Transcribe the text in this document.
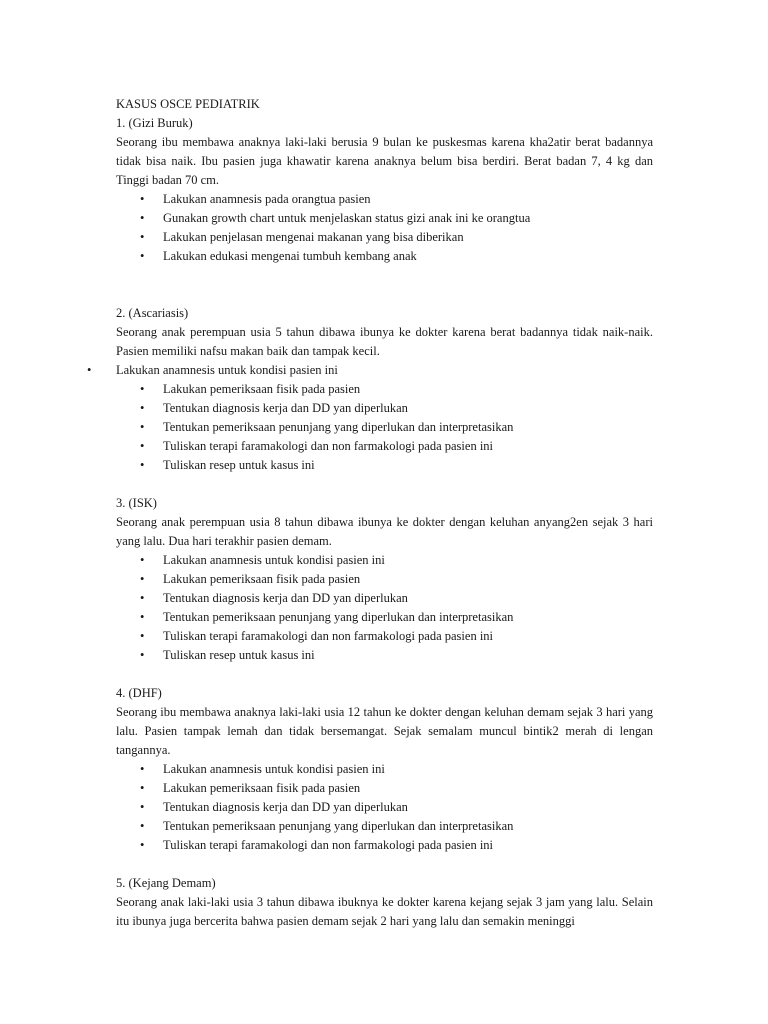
KASUS OSCE PEDIATRIK

1. (Gizi Buruk)

Seorang ibu membawa anaknya laki-laki berusia 9 bulan ke puskesmas karena kha2atir berat badannya tidak bisa naik. Ibu pasien juga khawatir karena anaknya belum bisa berdiri. Berat badan 7, 4 kg dan Tinggi badan 70 cm.

• Lakukan anamnesis pada orangtua pasien
• Gunakan growth chart untuk menjelaskan status gizi anak ini ke orangtua
• Lakukan penjelasan mengenai makanan yang bisa diberikan
• Lakukan edukasi mengenai tumbuh kembang anak

2. (Ascariasis)

Seorang anak perempuan usia 5 tahun dibawa ibunya ke dokter karena berat badannya tidak naik-naik. Pasien memiliki nafsu makan baik dan tampak kecil.

• Lakukan anamnesis untuk kondisi pasien ini
• Lakukan pemeriksaan fisik pada pasien
• Tentukan diagnosis kerja dan DD yan diperlukan
• Tentukan pemeriksaan penunjang yang diperlukan dan interpretasikan
• Tuliskan terapi faramakologi dan non farmakologi pada pasien ini
• Tuliskan resep untuk kasus ini

3. (ISK)

Seorang anak perempuan usia 8 tahun dibawa ibunya ke dokter dengan keluhan anyang2en sejak 3 hari yang lalu. Dua hari terakhir pasien demam.

• Lakukan anamnesis untuk kondisi pasien ini
• Lakukan pemeriksaan fisik pada pasien
• Tentukan diagnosis kerja dan DD yan diperlukan
• Tentukan pemeriksaan penunjang yang diperlukan dan interpretasikan
• Tuliskan terapi faramakologi dan non farmakologi pada pasien ini
• Tuliskan resep untuk kasus ini

4. (DHF)

Seorang ibu membawa anaknya laki-laki usia 12 tahun ke dokter dengan keluhan demam sejak 3 hari yang lalu. Pasien tampak lemah dan tidak bersemangat. Sejak semalam muncul bintik2 merah di lengan tangannya.

• Lakukan anamnesis untuk kondisi pasien ini
• Lakukan pemeriksaan fisik pada pasien
• Tentukan diagnosis kerja dan DD yan diperlukan
• Tentukan pemeriksaan penunjang yang diperlukan dan interpretasikan
• Tuliskan terapi faramakologi dan non farmakologi pada pasien ini

5. (Kejang Demam)

Seorang anak laki-laki usia 3 tahun dibawa ibuknya ke dokter karena kejang sejak 3 jam yang lalu. Selain itu ibunya juga bercerita bahwa pasien demam sejak 2 hari yang lalu dan semakin meninggi
